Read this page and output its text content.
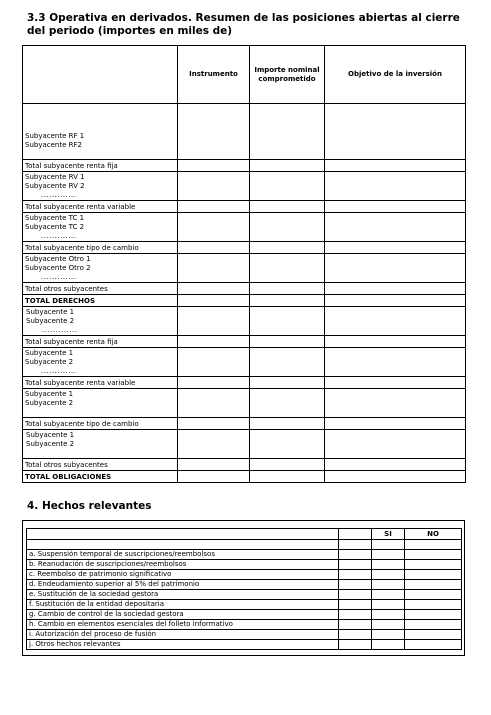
3.3 Operativa en derivados. Resumen de las posiciones abiertas al cierre del periodo (importes en miles de)
	Instrumento	Importe nominal comprometido	Objetivo de la inversión

Subyacente RF 1
Subyacente RF2			

Total subyacente renta fija			

Subyacente RV 1
Subyacente RV 2
.............			

Total subyacente renta variable			

Subyacente TC 1
Subyacente TC 2
.............			

Total subyacente tipo de cambio			

Subyacente Otro 1
Subyacente Otro 2
.............			

Total otros subyacentes			

TOTAL DERECHOS			

Subyacente 1
Subyacente 2
.............			

Total subyacente renta fija			

Subyacente 1
Subyacente 2
.............			

Total subyacente renta variable			

Subyacente 1
Subyacente 2			

Total subyacente tipo de cambio			

Subyacente 1
Subyacente 2			

Total otros subyacentes			

TOTAL OBLIGACIONES			

4. Hechos relevantes
		SI	NO

a. Suspensión temporal de suscripciones/reembolsos			
b. Reanudación de suscripciones/reembolsos			
c. Reembolso de patrimonio significativo			
d. Endeudamiento superior al 5% del patrimonio			
e. Sustitución de la sociedad gestora			
f. Sustitución de la entidad depositaria			
g. Cambio de control de la sociedad gestora			
h. Cambio en elementos esenciales del folleto informativo			
i. Autorización del proceso de fusión			
j. Otros hechos relevantes			
